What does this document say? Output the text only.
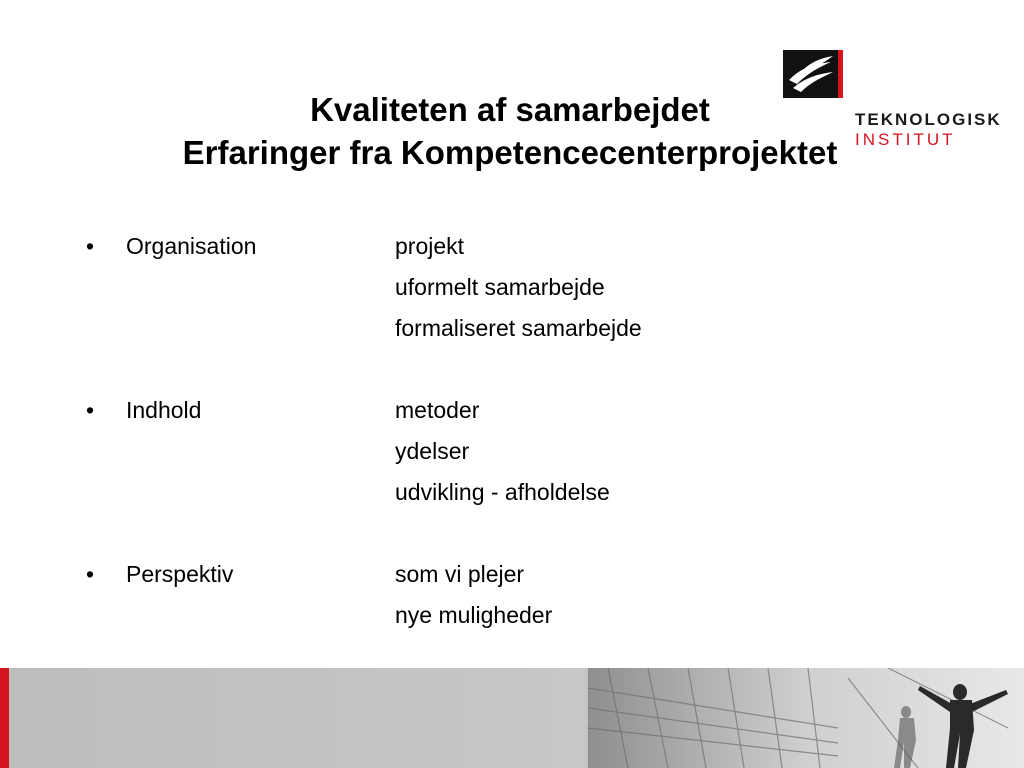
TEKNOLOGISK
INSTITUT
Kvaliteten af samarbejdet
Erfaringer fra Kompetencecenterprojektet
•	Organisation	projekt
uformelt samarbejde
formaliseret samarbejde
•	Indhold	metoder
ydelser
udvikling - afholdelse
•	Perspektiv	som vi plejer
nye muligheder
